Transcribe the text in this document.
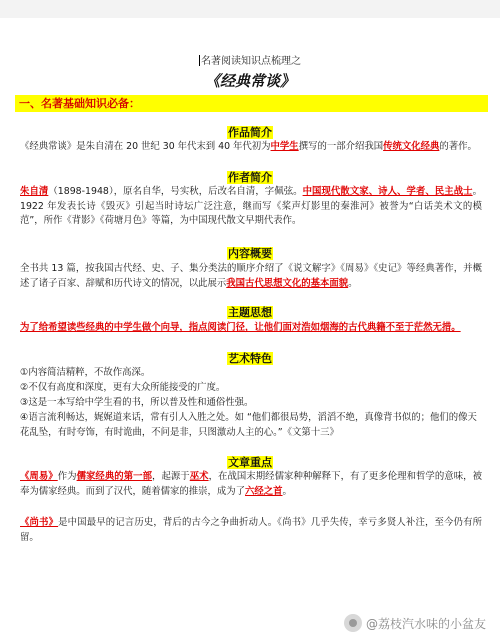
名著阅读知识点梳理之
《经典常谈》
一、名著基础知识必备：
作品简介
《经典常谈》是朱自清在 20 世纪 30 年代末到 40 年代初为中学生撰写的一部介绍我国传统文化经典的著作。
作者简介
朱自清（1898-1948），原名自华，号实秋，后改名自清，字佩弦。中国现代散文家、诗人、学者、民主战士。1922 年发表长诗《毁灭》引起当时诗坛广泛注意，继而写《桨声灯影里的秦淮河》被誉为“白话美术文的模范”，所作《背影》《荷塘月色》等篇，为中国现代散文早期代表作。
内容概要
全书共 13 篇，按我国古代经、史、子、集分类法的顺序介绍了《说文解字》《周易》《史记》等经典著作，并概述了诸子百家、辞赋和历代诗文的情况，以此展示我国古代思想文化的基本面貌。
主题思想
为了给希望读些经典的中学生做个向导，指点阅读门径，让他们面对浩如烟海的古代典籍不至于茫然无措。
艺术特色
①内容简洁精粹，不故作高深。
②不仅有高度和深度，更有大众所能接受的广度。
③这是一本写给中学生看的书，所以普及性和通俗性强。
④语言流利畅达，娓娓道来话，常有引人入胜之处。如 “他们都很局势，滔滔不绝，真像背书似的；他们的像天花乱坠，有时夸饰，有时诡曲，不问是非，只图激动人主的心。”《文第十三》
文章重点
《周易》作为儒家经典的第一部，起源于巫术，在战国末期经儒家种种解释下，有了更多伦理和哲学的意味，被奉为儒家经典。而到了汉代，随着儒家的推崇，成为了六经之首。
《尚书》是中国最早的记言历史，背后的古今之争曲折动人。《尚书》几乎失传，幸亏多贤人补注，至今仍有所留。
@荔枝汽水味的小盆友
